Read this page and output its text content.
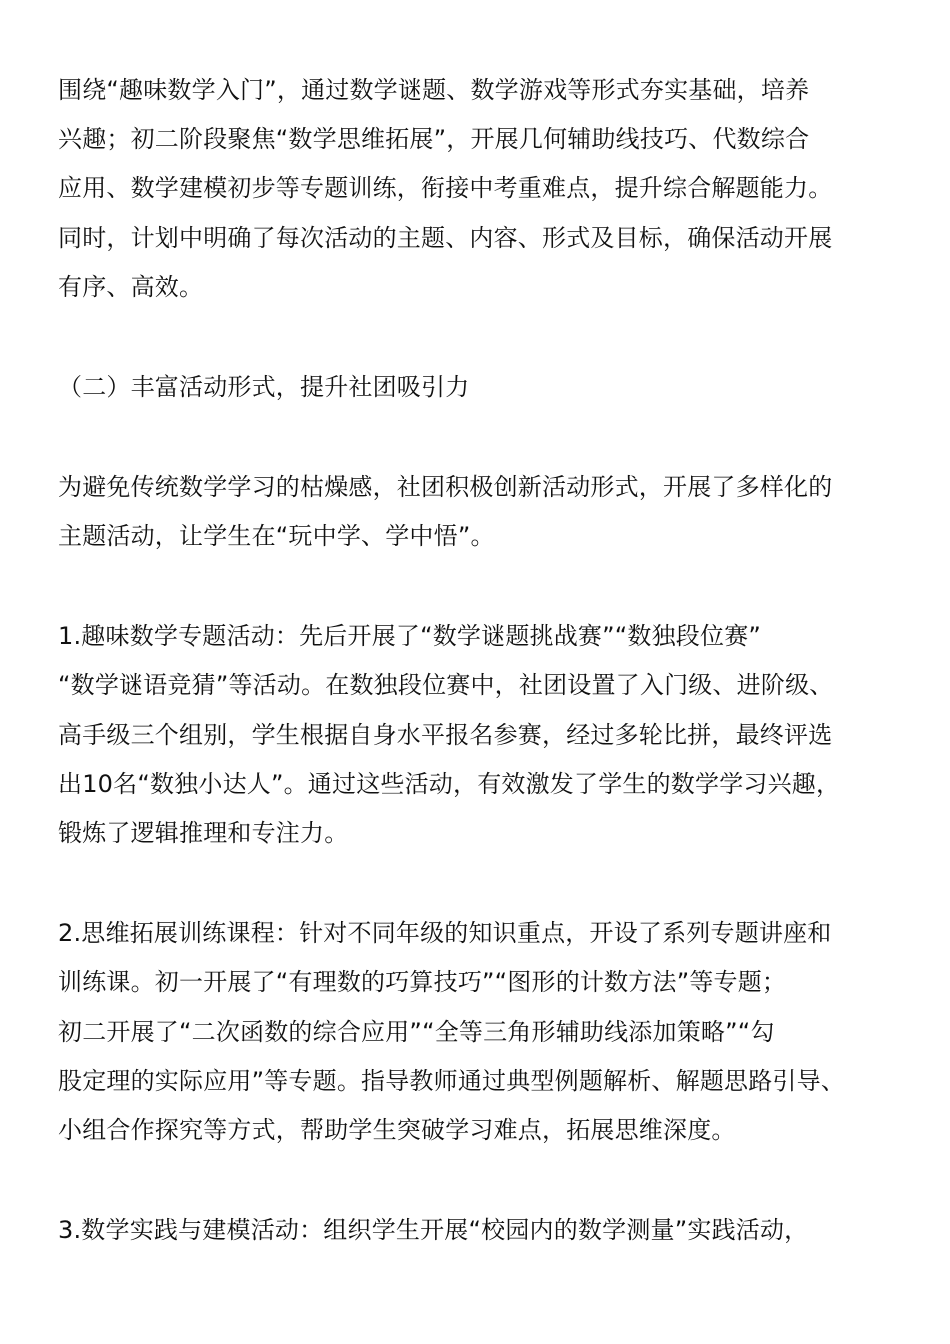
围绕“趣味数学入门”，通过数学谜题、数学游戏等形式夯实基础，培养
兴趣；初二阶段聚焦“数学思维拓展”，开展几何辅助线技巧、代数综合
应用、数学建模初步等专题训练，衔接中考重难点，提升综合解题能力。
同时，计划中明确了每次活动的主题、内容、形式及目标，确保活动开展
有序、高效。
（二）丰富活动形式，提升社团吸引力
为避免传统数学学习的枯燥感，社团积极创新活动形式，开展了多样化的
主题活动，让学生在“玩中学、学中悟”。
1.趣味数学专题活动：先后开展了“数学谜题挑战赛”“数独段位赛”
“数学谜语竞猜”等活动。在数独段位赛中，社团设置了入门级、进阶级、
高手级三个组别，学生根据自身水平报名参赛，经过多轮比拼，最终评选
出10名“数独小达人”。通过这些活动，有效激发了学生的数学学习兴趣，
锻炼了逻辑推理和专注力。
2.思维拓展训练课程：针对不同年级的知识重点，开设了系列专题讲座和
训练课。初一开展了“有理数的巧算技巧”“图形的计数方法”等专题；
初二开展了“二次函数的综合应用”“全等三角形辅助线添加策略”“勾
股定理的实际应用”等专题。指导教师通过典型例题解析、解题思路引导、
小组合作探究等方式，帮助学生突破学习难点，拓展思维深度。
3.数学实践与建模活动：组织学生开展“校园内的数学测量”实践活动，
